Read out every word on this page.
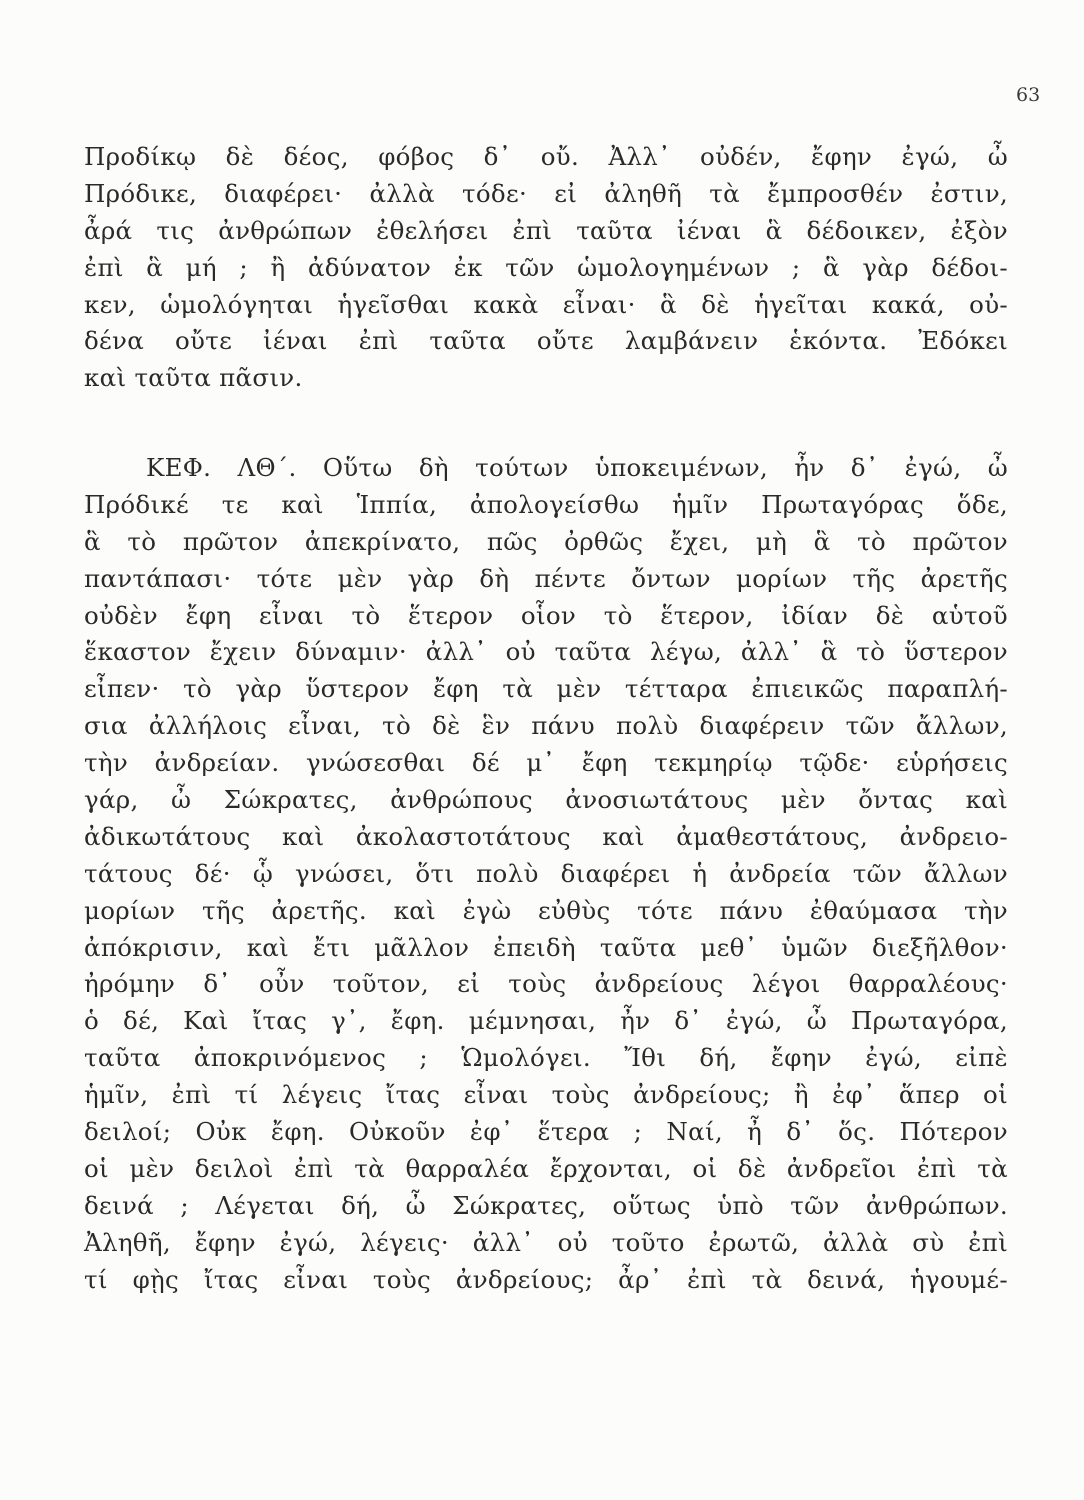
63
Προδίκῳ δὲ δέος, φόβος δ᾽ οὔ. Ἀλλ᾽ οὐδέν, ἔφην ἐγώ, ὦ
Πρόδικε, διαφέρει· ἀλλὰ τόδε· εἰ ἀληθῆ τὰ ἔμπροσθέν ἐστιν,
ἆρά τις ἀνθρώπων ἐθελήσει ἐπὶ ταῦτα ἰέναι ἃ δέδοικεν, ἐξὸν
ἐπὶ ἃ μή ; ἢ ἀδύνατον ἐκ τῶν ὡμολογημένων ; ἃ γὰρ δέδοι-
κεν, ὡμολόγηται ἡγεῖσθαι κακὰ εἶναι· ἃ δὲ ἡγεῖται κακά, οὐ-
δένα οὔτε ἰέναι ἐπὶ ταῦτα οὔτε λαμβάνειν ἑκόντα. Ἐδόκει
καὶ ταῦτα πᾶσιν.
ΚΕΦ. ΛΘ΄. Οὕτω δὴ τούτων ὑποκειμένων, ἦν δ᾽ ἐγώ, ὦ
Πρόδικέ τε καὶ Ἱππία, ἀπολογείσθω ἡμῖν Πρωταγόρας ὅδε,
ἃ τὸ πρῶτον ἀπεκρίνατο, πῶς ὀρθῶς ἔχει, μὴ ἃ τὸ πρῶτον
παντάπασι· τότε μὲν γὰρ δὴ πέντε ὄντων μορίων τῆς ἀρετῆς
οὐδὲν ἔφη εἶναι τὸ ἕτερον οἷον τὸ ἕτερον, ἰδίαν δὲ αὑτοῦ
ἕκαστον ἔχειν δύναμιν· ἀλλ᾽ οὐ ταῦτα λέγω, ἀλλ᾽ ἃ τὸ ὕστερον
εἶπεν· τὸ γὰρ ὕστερον ἔφη τὰ μὲν τέτταρα ἐπιεικῶς παραπλή-
σια ἀλλήλοις εἶναι, τὸ δὲ ἓν πάνυ πολὺ διαφέρειν τῶν ἄλλων,
τὴν ἀνδρείαν. γνώσεσθαι δέ μ᾽ ἔφη τεκμηρίῳ τῷδε· εὑρήσεις
γάρ, ὦ Σώκρατες, ἀνθρώπους ἀνοσιωτάτους μὲν ὄντας καὶ
ἀδικωτάτους καὶ ἀκολαστοτάτους καὶ ἀμαθεστάτους, ἀνδρειο-
τάτους δέ· ᾧ γνώσει, ὅτι πολὺ διαφέρει ἡ ἀνδρεία τῶν ἄλλων
μορίων τῆς ἀρετῆς. καὶ ἐγὼ εὐθὺς τότε πάνυ ἐθαύμασα τὴν
ἀπόκρισιν, καὶ ἔτι μᾶλλον ἐπειδὴ ταῦτα μεθ᾽ ὑμῶν διεξῆλθον·
ἠρόμην δ᾽ οὖν τοῦτον, εἰ τοὺς ἀνδρείους λέγοι θαρραλέους·
ὁ δέ, Καὶ ἴτας γ᾽, ἔφη. μέμνησαι, ἦν δ᾽ ἐγώ, ὦ Πρωταγόρα,
ταῦτα ἀποκρινόμενος ; Ὡμολόγει. Ἴθι δή, ἔφην ἐγώ, εἰπὲ
ἡμῖν, ἐπὶ τί λέγεις ἴτας εἶναι τοὺς ἀνδρείους; ἢ ἐφ᾽ ἅπερ οἱ
δειλοί; Οὐκ ἔφη. Οὐκοῦν ἐφ᾽ ἕτερα ; Ναί, ἦ δ᾽ ὅς. Πότερον
οἱ μὲν δειλοὶ ἐπὶ τὰ θαρραλέα ἔρχονται, οἱ δὲ ἀνδρεῖοι ἐπὶ τὰ
δεινά ; Λέγεται δή, ὦ Σώκρατες, οὕτως ὑπὸ τῶν ἀνθρώπων.
Ἀληθῆ, ἔφην ἐγώ, λέγεις· ἀλλ᾽ οὐ τοῦτο ἐρωτῶ, ἀλλὰ σὺ ἐπὶ
τί φῂς ἴτας εἶναι τοὺς ἀνδρείους; ἆρ᾽ ἐπὶ τὰ δεινά, ἡγουμέ-
